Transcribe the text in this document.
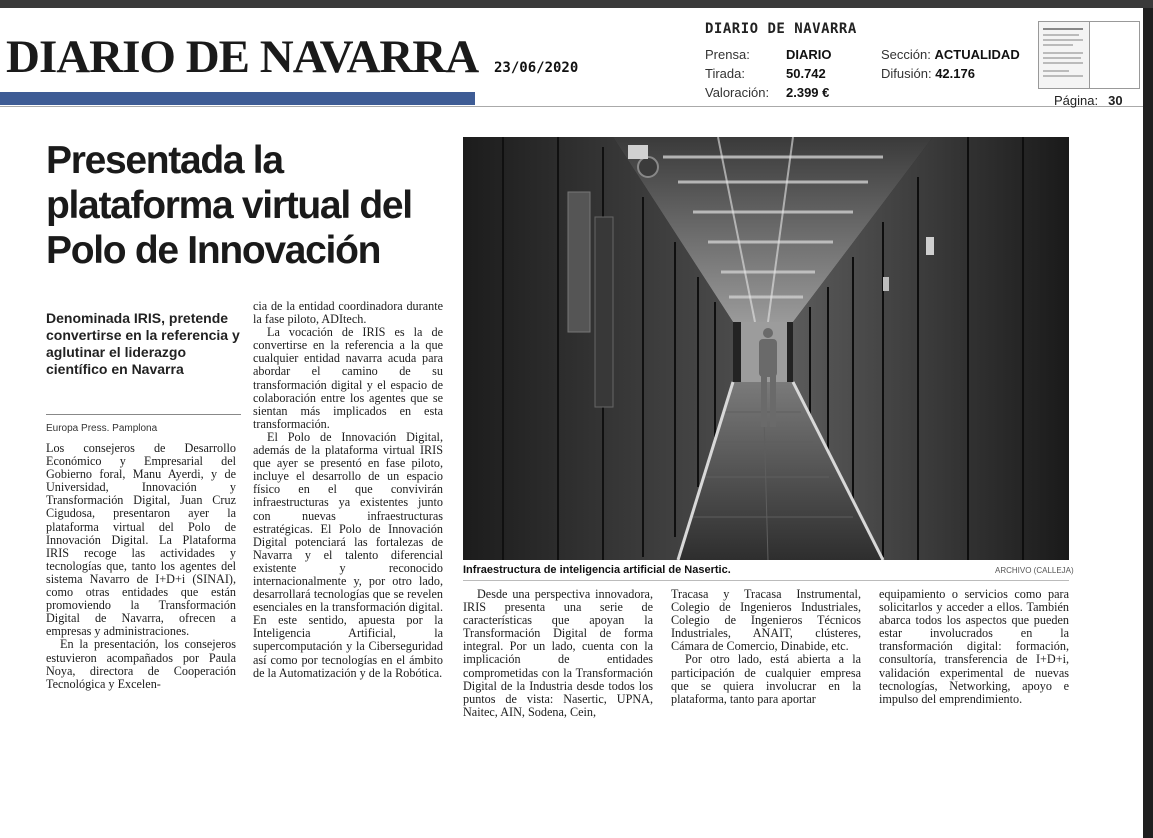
DIARIO DE NAVARRA 23/06/2020
DIARIO DE NAVARRA
Prensa:	DIARIO
Tirada:	50.742
Valoración: 2.399 €
Sección: ACTUALIDAD
Difusión: 42.176
Página: 30
Presentada la plataforma virtual del Polo de Innovación
Denominada IRIS, pretende convertirse en la referencia y aglutinar el liderazgo científico en Navarra
Europa Press. Pamplona

Los consejeros de Desarrollo Económico y Empresarial del Gobierno foral, Manu Ayerdi, y de Universidad, Innovación y Transformación Digital, Juan Cruz Cigudosa, presentaron ayer la plataforma virtual del Polo de Innovación Digital. La Plataforma IRIS recoge las actividades y tecnologías que, tanto los agentes del sistema Navarro de I+D+i (SINAI), como otras entidades que están promoviendo la Transformación Digital de Navarra, ofrecen a empresas y administraciones.

En la presentación, los consejeros estuvieron acompañados por Paula Noya, directora de Cooperación Tecnológica y Excelen-

cia de la entidad coordinadora durante la fase piloto, ADItech.

La vocación de IRIS es la de convertirse en la referencia a la que cualquier entidad navarra acuda para abordar el camino de su transformación digital y el espacio de colaboración entre los agentes que se sientan más implicados en esta transformación.

El Polo de Innovación Digital, además de la plataforma virtual IRIS que ayer se presentó en fase piloto, incluye el desarrollo de un espacio físico en el que convivirán infraestructuras ya existentes junto con nuevas infraestructuras estratégicas. El Polo de Innovación Digital potenciará las fortalezas de Navarra y el talento diferencial existente y reconocido internacionalmente y, por otro lado, desarrollará tecnologías que se revelen esenciales en la transformación digital. En este sentido, apuesta por la Inteligencia Artificial, la supercomputación y la Ciberseguridad así como por tecnologías en el ámbito de la Automatización y de la Robótica.

Infraestructura de inteligencia artificial de Nasertic.	ARCHIVO (CALLEJA)

Desde una perspectiva innovadora, IRIS presenta una serie de características que apoyan la Transformación Digital de forma integral. Por un lado, cuenta con la implicación de entidades comprometidas con la Transformación Digital de la Industria desde todos los puntos de vista: Nasertic, UPNA, Naitec, AIN, Sodena, Cein,

Tracasa y Tracasa Instrumental, Colegio de Ingenieros Industriales, Colegio de Ingenieros Técnicos Industriales, ANAIT, clústeres, Cámara de Comercio, Dinabide, etc.

Por otro lado, está abierta a la participación de cualquier empresa que se quiera involucrar en la plataforma, tanto para aportar

equipamiento o servicios como para solicitarlos y acceder a ellos. También abarca todos los aspectos que pueden estar involucrados en la transformación digital: formación, consultoría, transferencia de I+D+i, validación experimental de nuevas tecnologías, Networking, apoyo e impulso del emprendimiento.
